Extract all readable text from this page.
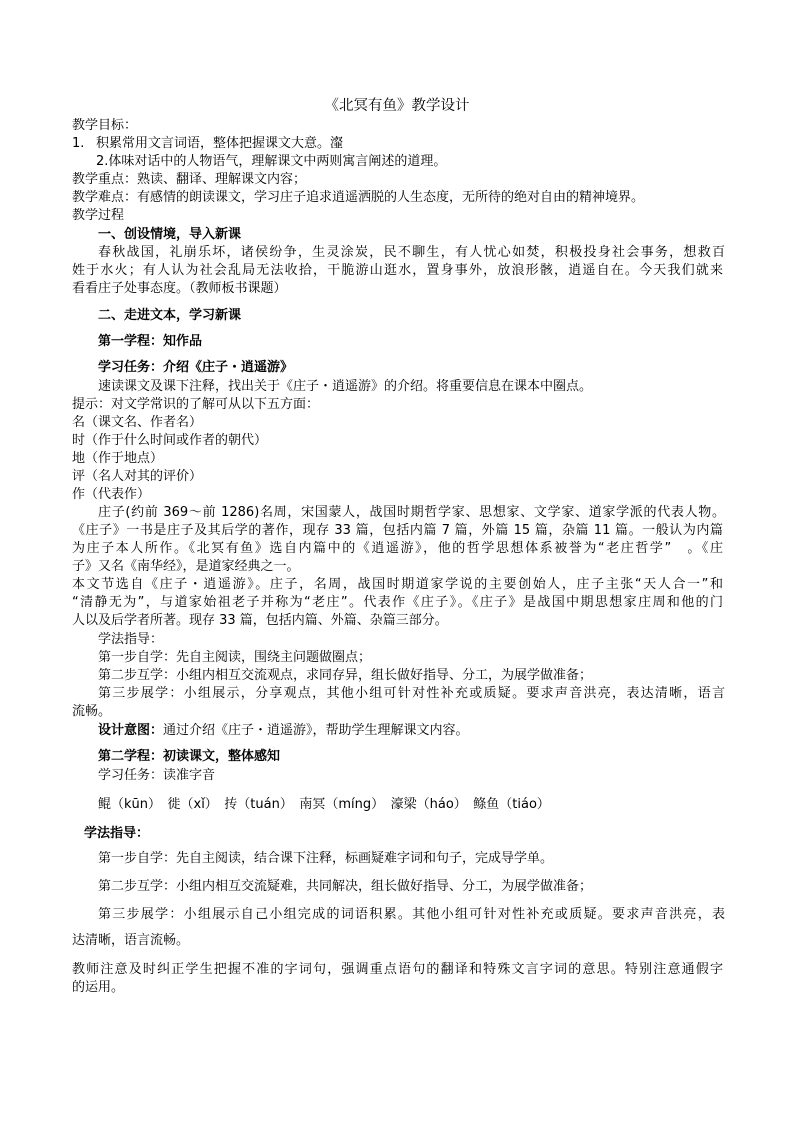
《北冥有鱼》教学设计
教学目标：
1. 积累常用文言词语，整体把握课文大意。瀣
2.体味对话中的人物语气，理解课文中两则寓言阐述的道理。
教学重点：熟读、翻译、理解课文内容；
教学难点：有感情的朗读课文，学习庄子追求逍遥洒脱的人生态度，无所待的绝对自由的精神境界。
教学过程
一、创设情境，导入新课
春秋战国，礼崩乐坏，诸侯纷争，生灵涂炭，民不聊生，有人忧心如焚，积极投身社会事务，想救百
姓于水火；有人认为社会乱局无法收拾，干脆游山逛水，置身事外，放浪形骸，逍遥自在。今天我们就来
看看庄子处事态度。（教师板书课题）
二、走进文本，学习新课
第一学程：知作品
学习任务：介绍《庄子・逍遥游》
速读课文及课下注释，找出关于《庄子・逍遥游》的介绍。将重要信息在课本中圈点。
提示：对文学常识的了解可从以下五方面：
名（课文名、作者名）
时（作于什么时间或作者的朝代）
地（作于地点）
评（名人对其的评价）
作（代表作）
庄子(约前 369～前 1286)名周，宋国蒙人，战国时期哲学家、思想家、文学家、道家学派的代表人物。
《庄子》一书是庄子及其后学的著作，现存 33 篇，包括内篇 7 篇，外篇 15 篇，杂篇 11 篇。一般认为内篇
为庄子本人所作。《北冥有鱼》选自内篇中的《逍遥游》，他的哲学思想体系被誉为“老庄哲学”　。《庄
子》又名《南华经》，是道家经典之一。
本文节选自《庄子・逍遥游》。庄子，名周，战国时期道家学说的主要创始人，庄子主张“天人合一”和
“清静无为”，与道家始祖老子并称为“老庄”。代表作《庄子》。《庄子》是战国中期思想家庄周和他的门
人以及后学者所著。现存 33 篇，包括内篇、外篇、杂篇三部分。
学法指导：
第一步自学：先自主阅读，围绕主问题做圈点；
第二步互学：小组内相互交流观点，求同存异，组长做好指导、分工，为展学做准备；
第三步展学：小组展示，分享观点，其他小组可针对性补充或质疑。要求声音洪亮，表达清晰，语言
流畅。
设计意图：通过介绍《庄子・逍遥游》，帮助学生理解课文内容。
第二学程：初读课文，整体感知
学习任务：读准字音
鲲（kūn）　徙（xǐ）　抟（tuán）　南冥（míng）　濠梁（háo）　鲦鱼（tiáo）
学法指导：
第一步自学：先自主阅读，结合课下注释，标画疑难字词和句子，完成导学单。
第二步互学：小组内相互交流疑难，共同解决，组长做好指导、分工，为展学做准备；
第三步展学：小组展示自己小组完成的词语积累。其他小组可针对性补充或质疑。要求声音洪亮，表
达清晰，语言流畅。
教师注意及时纠正学生把握不准的字词句，强调重点语句的翻译和特殊文言字词的意思。特别注意通假字
的运用。
